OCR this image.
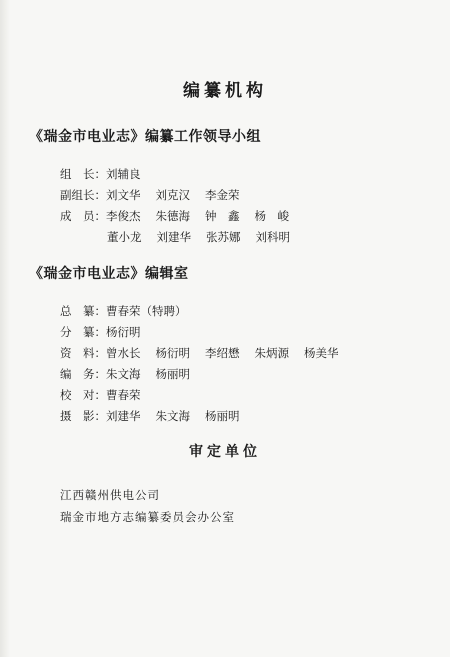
编纂机构
《瑞金市电业志》编纂工作领导小组
组　长： 刘辅良
副组长： 刘文华 刘克汉 李金荣
成　员： 李俊杰 朱德海 钟　鑫 杨　峻
董小龙 刘建华 张苏娜 刘科明
《瑞金市电业志》编辑室
总　纂： 曹春荣（特聘）
分　纂： 杨衍明
资　料： 曾水长 杨衍明 李绍懋 朱炳源 杨美华
编　务： 朱文海 杨丽明
校　对： 曹春荣
摄　影： 刘建华 朱文海 杨丽明
审定单位
江西赣州供电公司
瑞金市地方志编纂委员会办公室
